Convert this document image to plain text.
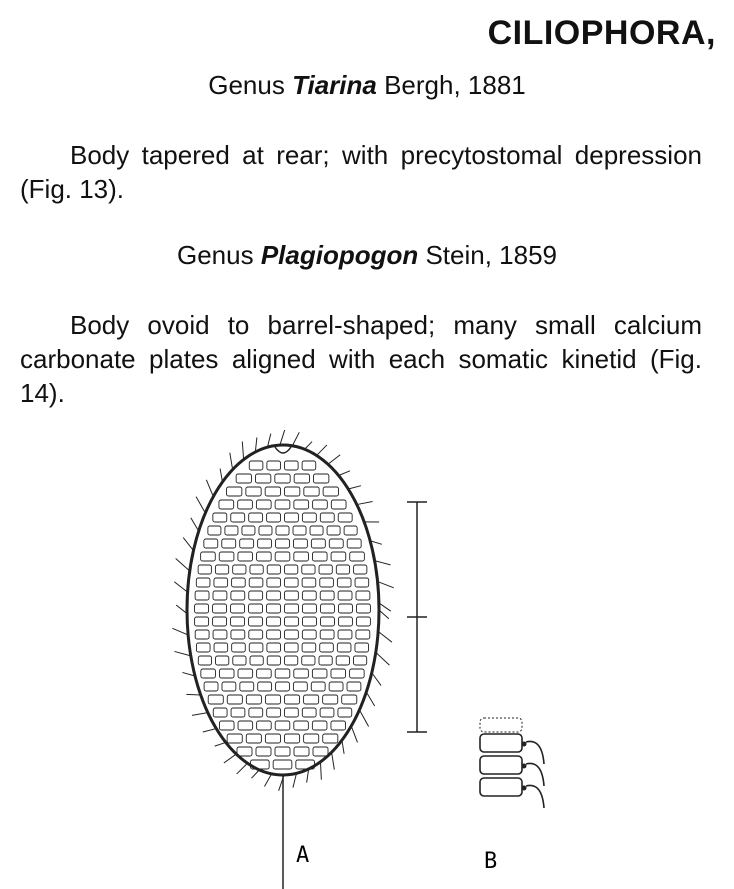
CILIOPHORA,
Genus Tiarina Bergh, 1881

Body tapered at rear; with precytostomal depression (Fig. 13).

Genus Plagiopogon Stein, 1859

Body ovoid to barrel-shaped; many small calcium carbonate plates aligned with each somatic kinetid (Fig. 14).

A	B
